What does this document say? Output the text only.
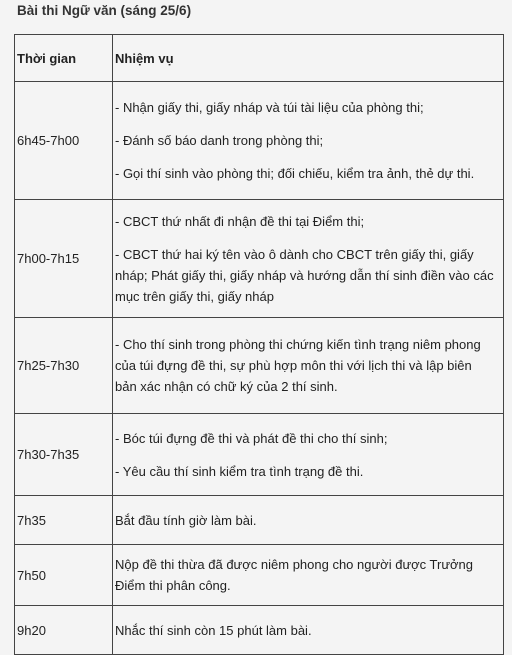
Bài thi Ngữ văn (sáng 25/6)
Thời gian	Nhiệm vụ
6h45-7h00	- Nhận giấy thi, giấy nháp và túi tài liệu của phòng thi;

- Đánh số báo danh trong phòng thi;

- Gọi thí sinh vào phòng thi; đối chiếu, kiểm tra ảnh, thẻ dự thi.

7h00-7h15	- CBCT thứ nhất đi nhận đề thi tại Điểm thi;

- CBCT thứ hai ký tên vào ô dành cho CBCT trên giấy thi, giấy nháp; Phát giấy thi, giấy nháp và hướng dẫn thí sinh điền vào các mục trên giấy thi, giấy nháp

7h25-7h30	- Cho thí sinh trong phòng thi chứng kiến tình trạng niêm phong của túi đựng đề thi, sự phù hợp môn thi với lịch thi và lập biên bản xác nhận có chữ ký của 2 thí sinh.

7h30-7h35	- Bóc túi đựng đề thi và phát đề thi cho thí sinh;

- Yêu cầu thí sinh kiểm tra tình trạng đề thi.

7h35	Bắt đầu tính giờ làm bài.

7h50	Nộp đề thi thừa đã được niêm phong cho người được Trưởng Điểm thi phân công.

9h20	Nhắc thí sinh còn 15 phút làm bài.
